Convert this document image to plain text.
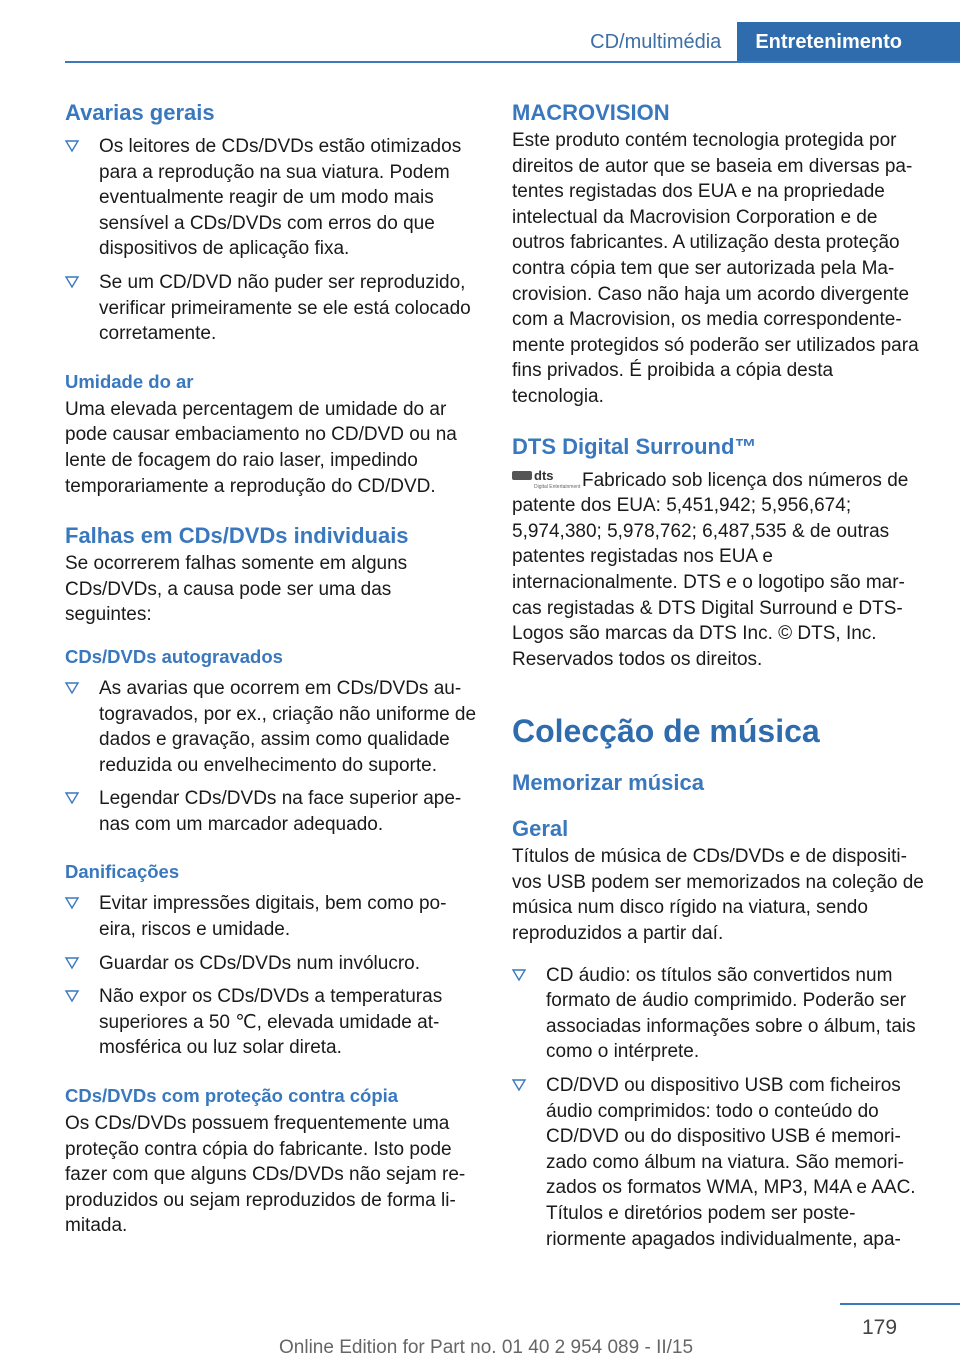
CD/multimédia	Entretenimento
Avarias gerais
Os leitores de CDs/DVDs estão otimizados para a reprodução na sua viatura. Podem eventualmente reagir de um modo mais sensível a CDs/DVDs com erros do que dispositivos de aplicação fixa.
Se um CD/DVD não puder ser reproduzido, verificar primeiramente se ele está colocado corretamente.
Umidade do ar

Uma elevada percentagem de umidade do ar pode causar embaciamento no CD/DVD ou na lente de focagem do raio laser, impedindo temporariamente a reprodução do CD/DVD.

Falhas em CDs/DVDs individuais

Se ocorrerem falhas somente em alguns CDs/DVDs, a causa pode ser uma das seguintes:

CDs/DVDs autogravados
As avarias que ocorrem em CDs/DVDs autogravados, por ex., criação não uniforme de dados e gravação, assim como qualidade reduzida ou envelhecimento do suporte.
Legendar CDs/DVDs na face superior apenas com um marcador adequado.
Danificações
Evitar impressões digitais, bem como poeira, riscos e umidade.
Guardar os CDs/DVDs num invólucro.
Não expor os CDs/DVDs a temperaturas superiores a 50 ℃, elevada umidade atmosférica ou luz solar direta.
CDs/DVDs com proteção contra cópia

Os CDs/DVDs possuem frequentemente uma proteção contra cópia do fabricante. Isto pode fazer com que alguns CDs/DVDs não sejam reproduzidos ou sejam reproduzidos de forma limitada.

MACROVISION

Este produto contém tecnologia protegida por direitos de autor que se baseia em diversas patentes registadas dos EUA e na propriedade intelectual da Macrovision Corporation e de outros fabricantes. A utilização desta proteção contra cópia tem que ser autorizada pela Macrovision. Caso não haja um acordo divergente com a Macrovision, os media correspondentemente protegidos só poderão ser utilizados para fins privados. É proibida a cópia desta tecnologia.

DTS Digital Surround™

dts
Digital Entertainment Fabricado sob licença dos números de patente dos EUA: 5,451,942; 5,956,674; 5,974,380; 5,978,762; 6,487,535 & de outras patentes registadas nos EUA e internacionalmente. DTS e o logotipo são marcas registadas & DTS Digital Surround e DTS-Logos são marcas da DTS Inc. © DTS, Inc. Reservados todos os direitos.

Colecção de música
Memorizar música
Geral

Títulos de música de CDs/DVDs e de dispositivos USB podem ser memorizados na coleção de música num disco rígido na viatura, sendo reproduzidos a partir daí.

CD áudio: os títulos são convertidos num formato de áudio comprimido. Poderão ser associadas informações sobre o álbum, tais como o intérprete.
CD/DVD ou dispositivo USB com ficheiros áudio comprimidos: todo o conteúdo do CD/DVD ou do dispositivo USB é memorizado como álbum na viatura. São memorizados os formatos WMA, MP3, M4A e AAC. Títulos e diretórios podem ser posteriormente apagados individualmente, apa-
179
Online Edition for Part no. 01 40 2 954 089 - II/15
